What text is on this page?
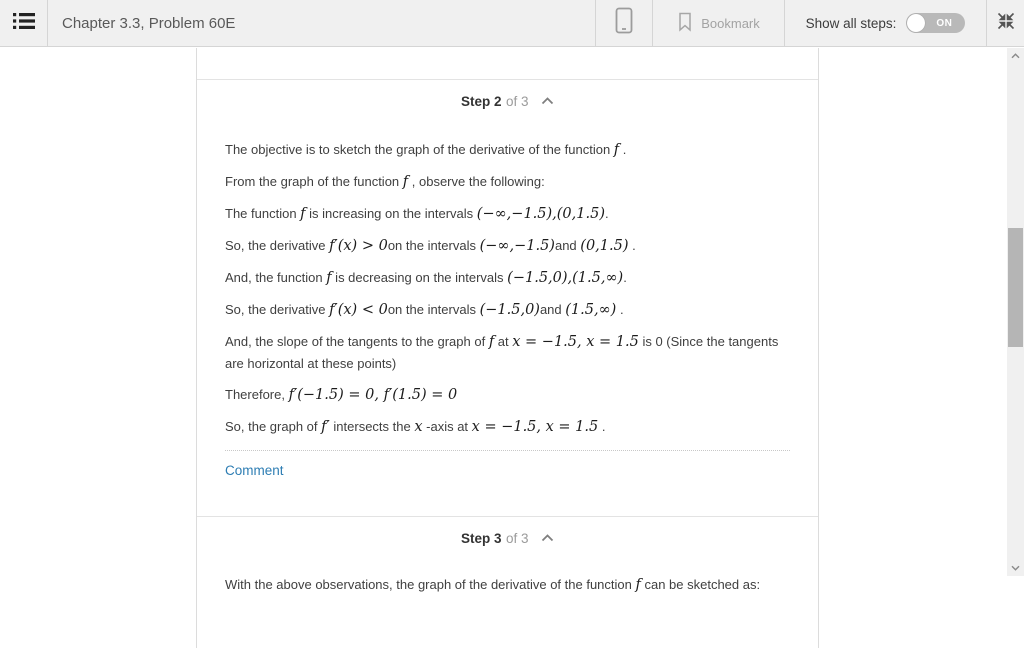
Chapter 3.3, Problem 60E	Bookmark	Show all steps:	ON
Step 2 of 3

The objective is to sketch the graph of the derivative of the function f .

From the graph of the function f , observe the following:

The function f is increasing on the intervals (−∞,−1.5),(0,1.5).

So, the derivative f′(x) > 0on the intervals (−∞,−1.5)and (0,1.5) .

And, the function f is decreasing on the intervals (−1.5,0),(1.5,∞).

So, the derivative f′(x) < 0on the intervals (−1.5,0)and (1.5,∞) .

And, the slope of the tangents to the graph of f at x = −1.5, x = 1.5 is 0 (Since the tangents are horizontal at these points)

Therefore, f′(−1.5) = 0, f′(1.5) = 0

So, the graph of f′ intersects the x -axis at x = −1.5, x = 1.5 .

Comment
Step 3 of 3

With the above observations, the graph of the derivative of the function f can be sketched as:
